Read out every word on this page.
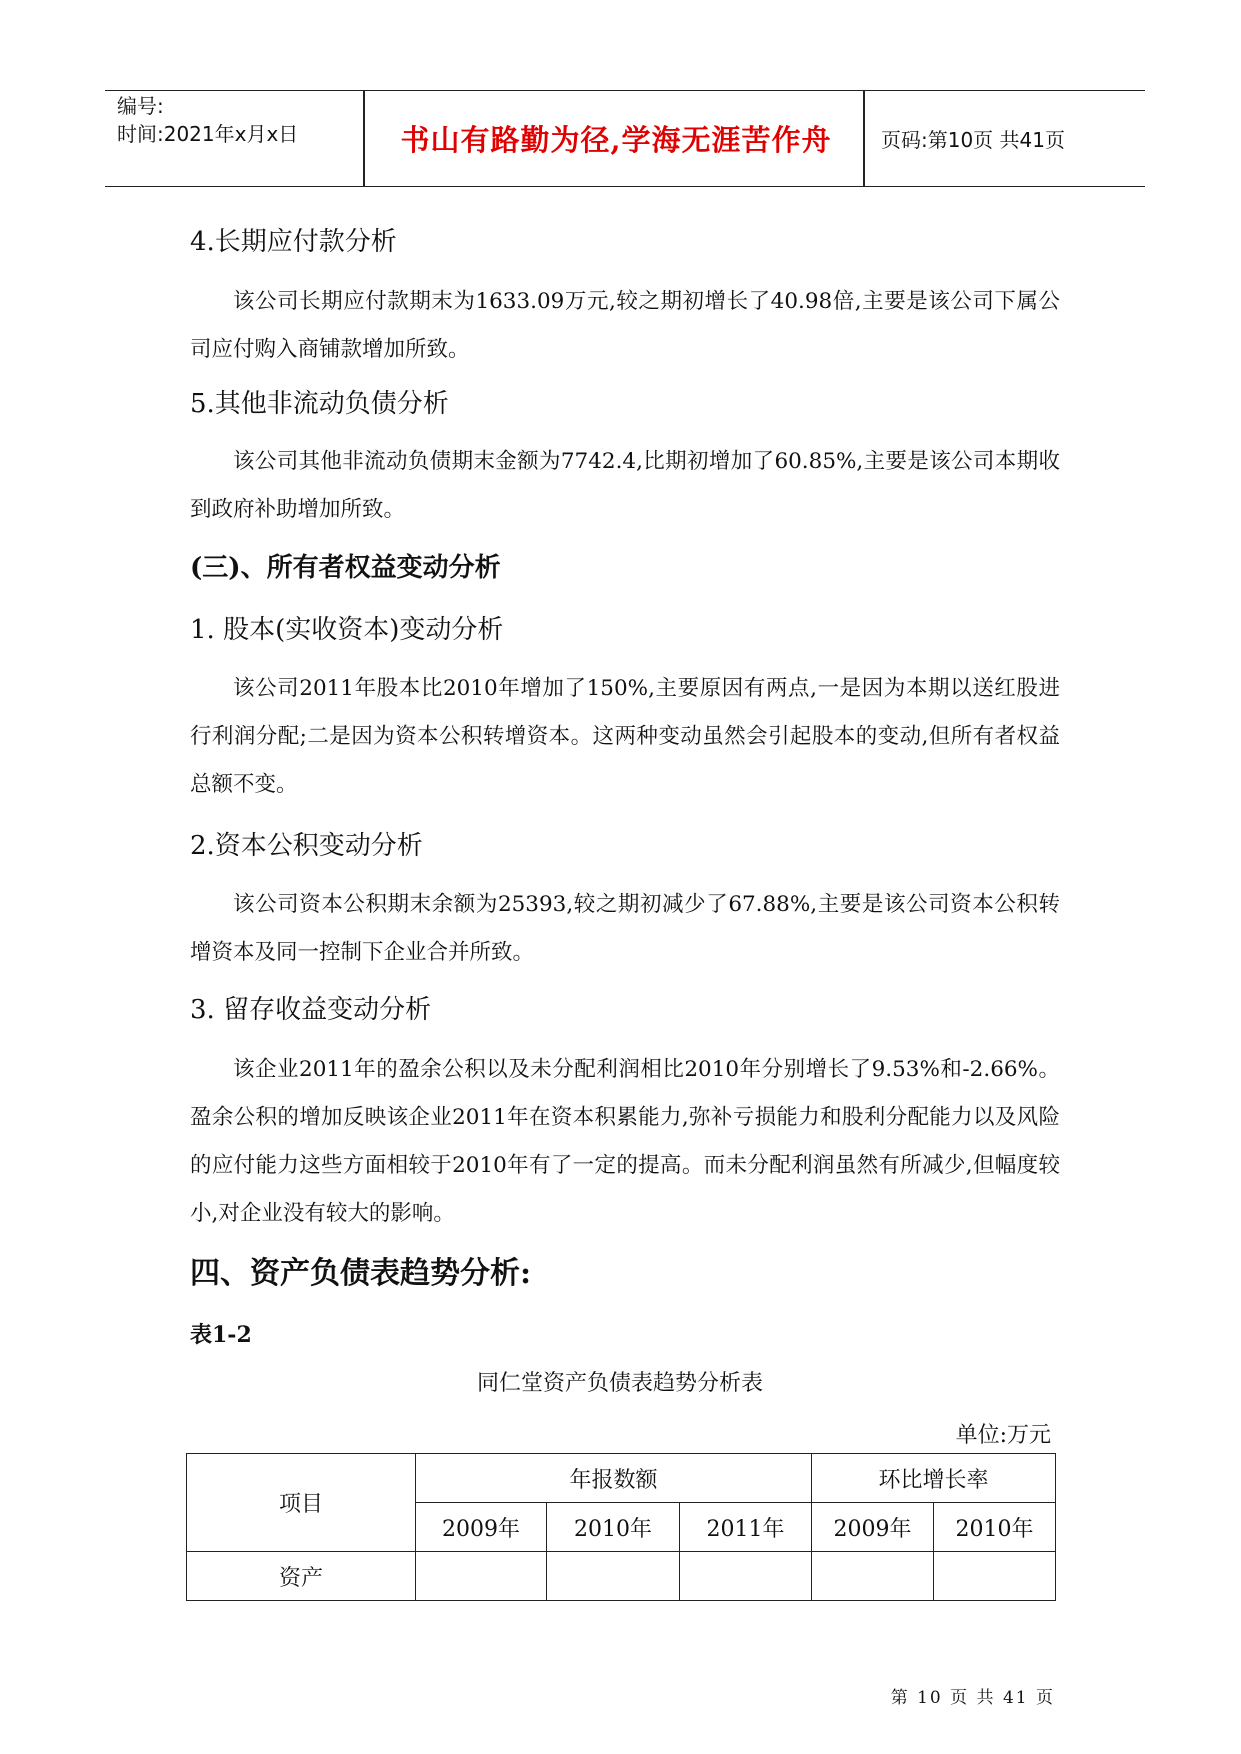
编号:
时间:2021年x月x日	书山有路勤为径,学海无涯苦作舟	页码:第10页 共41页
4.长期应付款分析

该公司长期应付款期末为1633.09万元,较之期初增长了40.98倍,主要是该公司下属公司应付购入商铺款增加所致。

5.其他非流动负债分析

该公司其他非流动负债期末金额为7742.4,比期初增加了60.85%,主要是该公司本期收到政府补助增加所致。

(三)、所有者权益变动分析
1. 股本(实收资本)变动分析

该公司2011年股本比2010年增加了150%,主要原因有两点,一是因为本期以送红股进行利润分配;二是因为资本公积转增资本。这两种变动虽然会引起股本的变动,但所有者权益总额不变。

2.资本公积变动分析

该公司资本公积期末余额为25393,较之期初减少了67.88%,主要是该公司资本公积转增资本及同一控制下企业合并所致。

3. 留存收益变动分析

该企业2011年的盈余公积以及未分配利润相比2010年分别增长了9.53%和-2.66%。盈余公积的增加反映该企业2011年在资本积累能力,弥补亏损能力和股利分配能力以及风险的应付能力这些方面相较于2010年有了一定的提高。而未分配利润虽然有所减少,但幅度较小,对企业没有较大的影响。

四、资产负债表趋势分析:
表1-2
同仁堂资产负债表趋势分析表
单位:万元
项目	年报数额			环比增长率	
	2009年	2010年	2011年	2009年	2010年
资产					
第 10 页 共 41 页
